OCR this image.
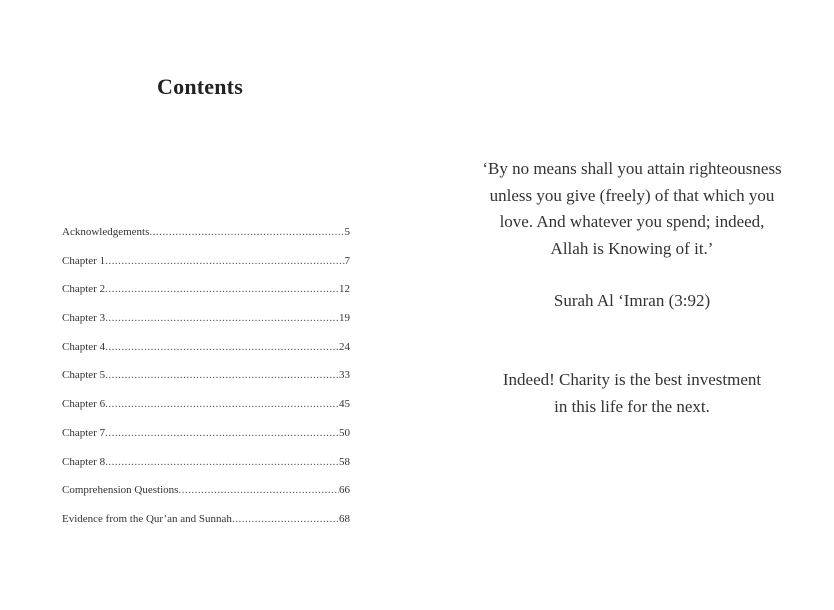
Contents
Acknowledgements .....	5
Chapter 1 .....	7
Chapter 2 .....	12
Chapter 3 .....	19
Chapter 4 .....	24
Chapter 5 .....	33
Chapter 6 .....	45
Chapter 7 .....	50
Chapter 8 .....	58
Comprehension Questions .....	66
Evidence from the Qur’an and Sunnah .....	68
‘By no means shall you attain righteousness
unless you give (freely) of that which you
love. And whatever you spend; indeed,
Allah is Knowing of it.’
Surah Al ‘Imran (3:92)
Indeed! Charity is the best investment
in this life for the next.
